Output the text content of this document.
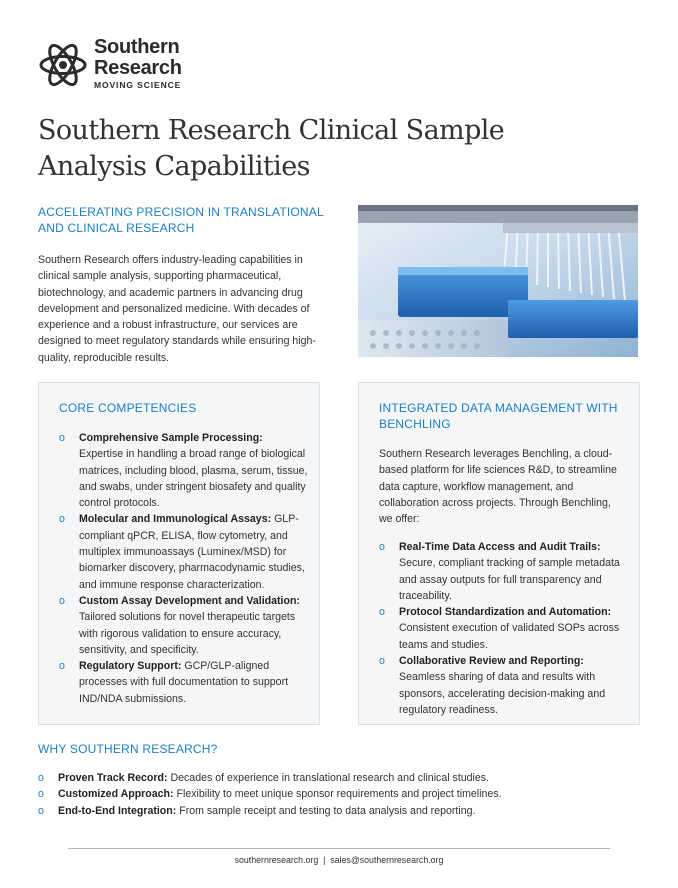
Southern
Research
MOVING SCIENCE
Southern Research Clinical Sample Analysis Capabilities

ACCELERATING PRECISION IN TRANSLATIONAL AND CLINICAL RESEARCH

Southern Research offers industry-leading capabilities in clinical sample analysis, supporting pharmaceutical, biotechnology, and academic partners in advancing drug development and personalized medicine. With decades of experience and a robust infrastructure, our services are designed to meet regulatory standards while ensuring high-quality, reproducible results.

CORE COMPETENCIES
o Comprehensive Sample Processing: Expertise in handling a broad range of biological matrices, including blood, plasma, serum, tissue, and swabs, under stringent biosafety and quality control protocols.
o Molecular and Immunological Assays: GLP-compliant qPCR, ELISA, flow cytometry, and multiplex immunoassays (Luminex/MSD) for biomarker discovery, pharmacodynamic studies, and immune response characterization.
o Custom Assay Development and Validation: Tailored solutions for novel therapeutic targets with rigorous validation to ensure accuracy, sensitivity, and specificity.
o Regulatory Support: GCP/GLP-aligned processes with full documentation to support IND/NDA submissions.
INTEGRATED DATA MANAGEMENT WITH BENCHLING

Southern Research leverages Benchling, a cloud-based platform for life sciences R&D, to streamline data capture, workflow management, and collaboration across projects. Through Benchling, we offer:

o Real-Time Data Access and Audit Trails: Secure, compliant tracking of sample metadata and assay outputs for full transparency and traceability.
o Protocol Standardization and Automation: Consistent execution of validated SOPs across teams and studies.
o Collaborative Review and Reporting: Seamless sharing of data and results with sponsors, accelerating decision-making and regulatory readiness.
WHY SOUTHERN RESEARCH?
o Proven Track Record: Decades of experience in translational research and clinical studies.
o Customized Approach: Flexibility to meet unique sponsor requirements and project timelines.
o End-to-End Integration: From sample receipt and testing to data analysis and reporting.
southernresearch.org  |  sales@southernresearch.org
